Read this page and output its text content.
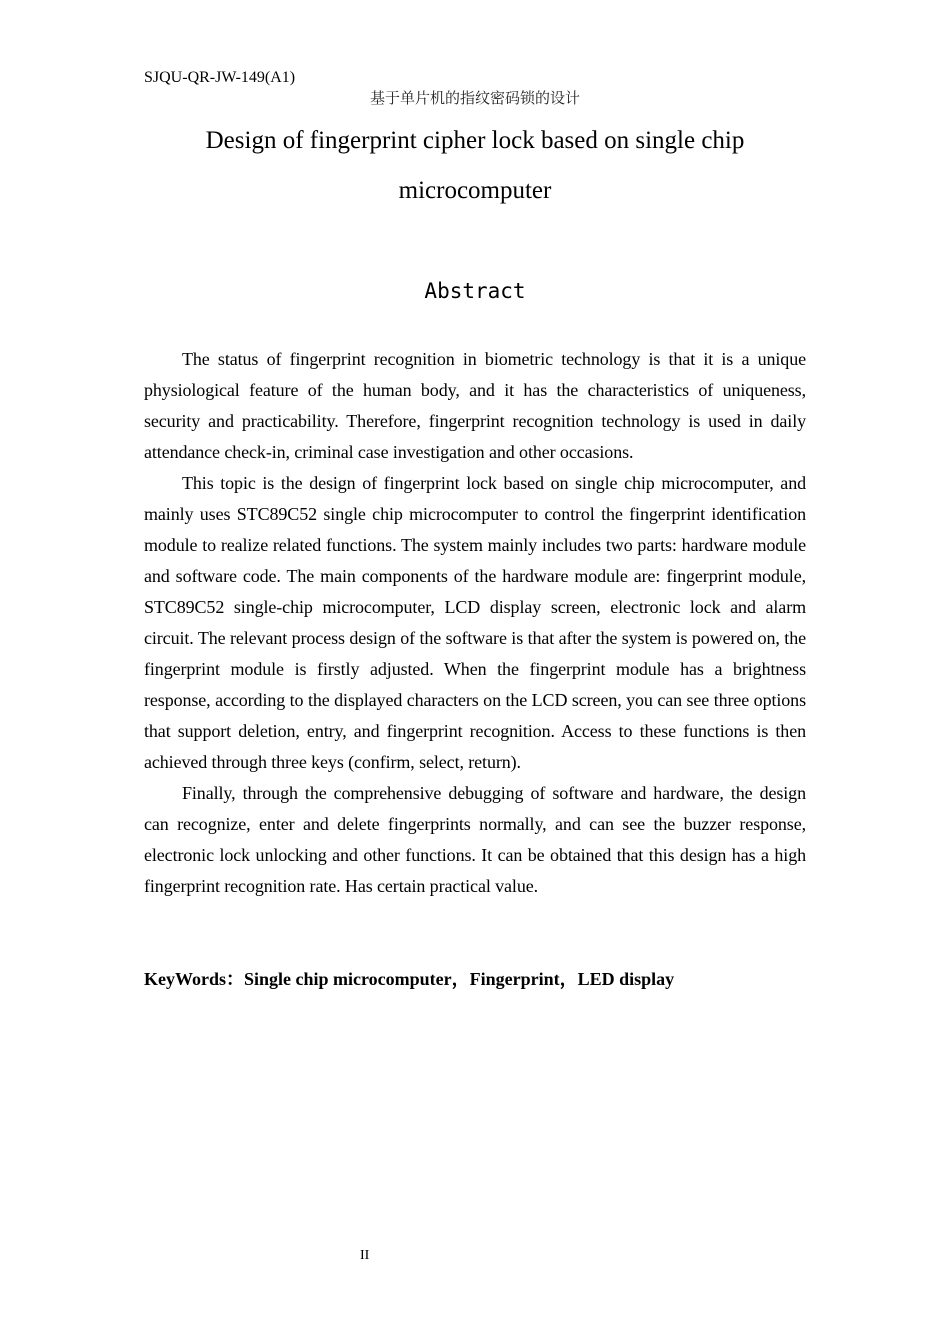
SJQU-QR-JW-149(A1)
基于单片机的指纹密码锁的设计
Design of fingerprint cipher lock based on single chip microcomputer
Abstract

The status of fingerprint recognition in biometric technology is that it is a unique physiological feature of the human body, and it has the characteristics of uniqueness, security and practicability. Therefore, fingerprint recognition technology is used in daily attendance check-in, criminal case investigation and other occasions.

This topic is the design of fingerprint lock based on single chip microcomputer, and mainly uses STC89C52 single chip microcomputer to control the fingerprint identification module to realize related functions. The system mainly includes two parts: hardware module and software code. The main components of the hardware module are: fingerprint module, STC89C52 single-chip microcomputer, LCD display screen, electronic lock and alarm circuit. The relevant process design of the software is that after the system is powered on, the fingerprint module is firstly adjusted. When the fingerprint module has a brightness response, according to the displayed characters on the LCD screen, you can see three options that support deletion, entry, and fingerprint recognition. Access to these functions is then achieved through three keys (confirm, select, return).

Finally, through the comprehensive debugging of software and hardware, the design can recognize, enter and delete fingerprints normally, and can see the buzzer response, electronic lock unlocking and other functions. It can be obtained that this design has a high fingerprint recognition rate. Has certain practical value.

KeyWords：Single chip microcomputer，Fingerprint，LED display
II
